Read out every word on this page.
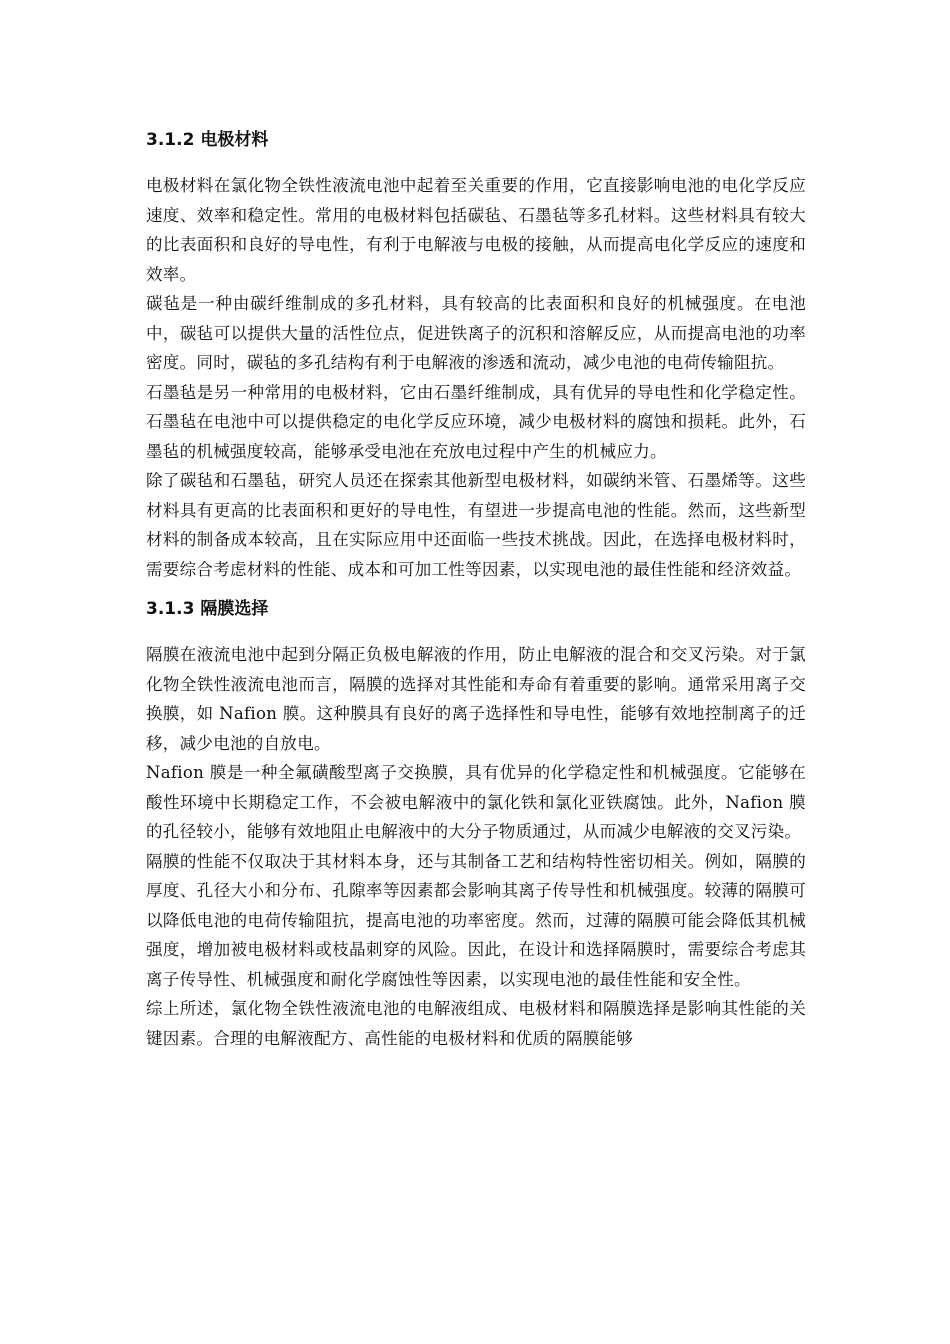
3.1.2 电极材料

电极材料在氯化物全铁性液流电池中起着至关重要的作用，它直接影响电池的电化学反应速度、效率和稳定性。常用的电极材料包括碳毡、石墨毡等多孔材料。这些材料具有较大的比表面积和良好的导电性，有利于电解液与电极的接触，从而提高电化学反应的速度和效率。

碳毡是一种由碳纤维制成的多孔材料，具有较高的比表面积和良好的机械强度。在电池中，碳毡可以提供大量的活性位点，促进铁离子的沉积和溶解反应，从而提高电池的功率密度。同时，碳毡的多孔结构有利于电解液的渗透和流动，减少电池的电荷传输阻抗。

石墨毡是另一种常用的电极材料，它由石墨纤维制成，具有优异的导电性和化学稳定性。石墨毡在电池中可以提供稳定的电化学反应环境，减少电极材料的腐蚀和损耗。此外，石墨毡的机械强度较高，能够承受电池在充放电过程中产生的机械应力。

除了碳毡和石墨毡，研究人员还在探索其他新型电极材料，如碳纳米管、石墨烯等。这些材料具有更高的比表面积和更好的导电性，有望进一步提高电池的性能。然而，这些新型材料的制备成本较高，且在实际应用中还面临一些技术挑战。因此，在选择电极材料时，需要综合考虑材料的性能、成本和可加工性等因素，以实现电池的最佳性能和经济效益。

3.1.3 隔膜选择

隔膜在液流电池中起到分隔正负极电解液的作用，防止电解液的混合和交叉污染。对于氯化物全铁性液流电池而言，隔膜的选择对其性能和寿命有着重要的影响。通常采用离子交换膜，如 Nafion 膜。这种膜具有良好的离子选择性和导电性，能够有效地控制离子的迁移，减少电池的自放电。

Nafion 膜是一种全氟磺酸型离子交换膜，具有优异的化学稳定性和机械强度。它能够在酸性环境中长期稳定工作，不会被电解液中的氯化铁和氯化亚铁腐蚀。此外，Nafion 膜的孔径较小，能够有效地阻止电解液中的大分子物质通过，从而减少电解液的交叉污染。

隔膜的性能不仅取决于其材料本身，还与其制备工艺和结构特性密切相关。例如，隔膜的厚度、孔径大小和分布、孔隙率等因素都会影响其离子传导性和机械强度。较薄的隔膜可以降低电池的电荷传输阻抗，提高电池的功率密度。然而，过薄的隔膜可能会降低其机械强度，增加被电极材料或枝晶刺穿的风险。因此，在设计和选择隔膜时，需要综合考虑其离子传导性、机械强度和耐化学腐蚀性等因素，以实现电池的最佳性能和安全性。

综上所述，氯化物全铁性液流电池的电解液组成、电极材料和隔膜选择是影响其性能的关键因素。合理的电解液配方、高性能的电极材料和优质的隔膜能够
